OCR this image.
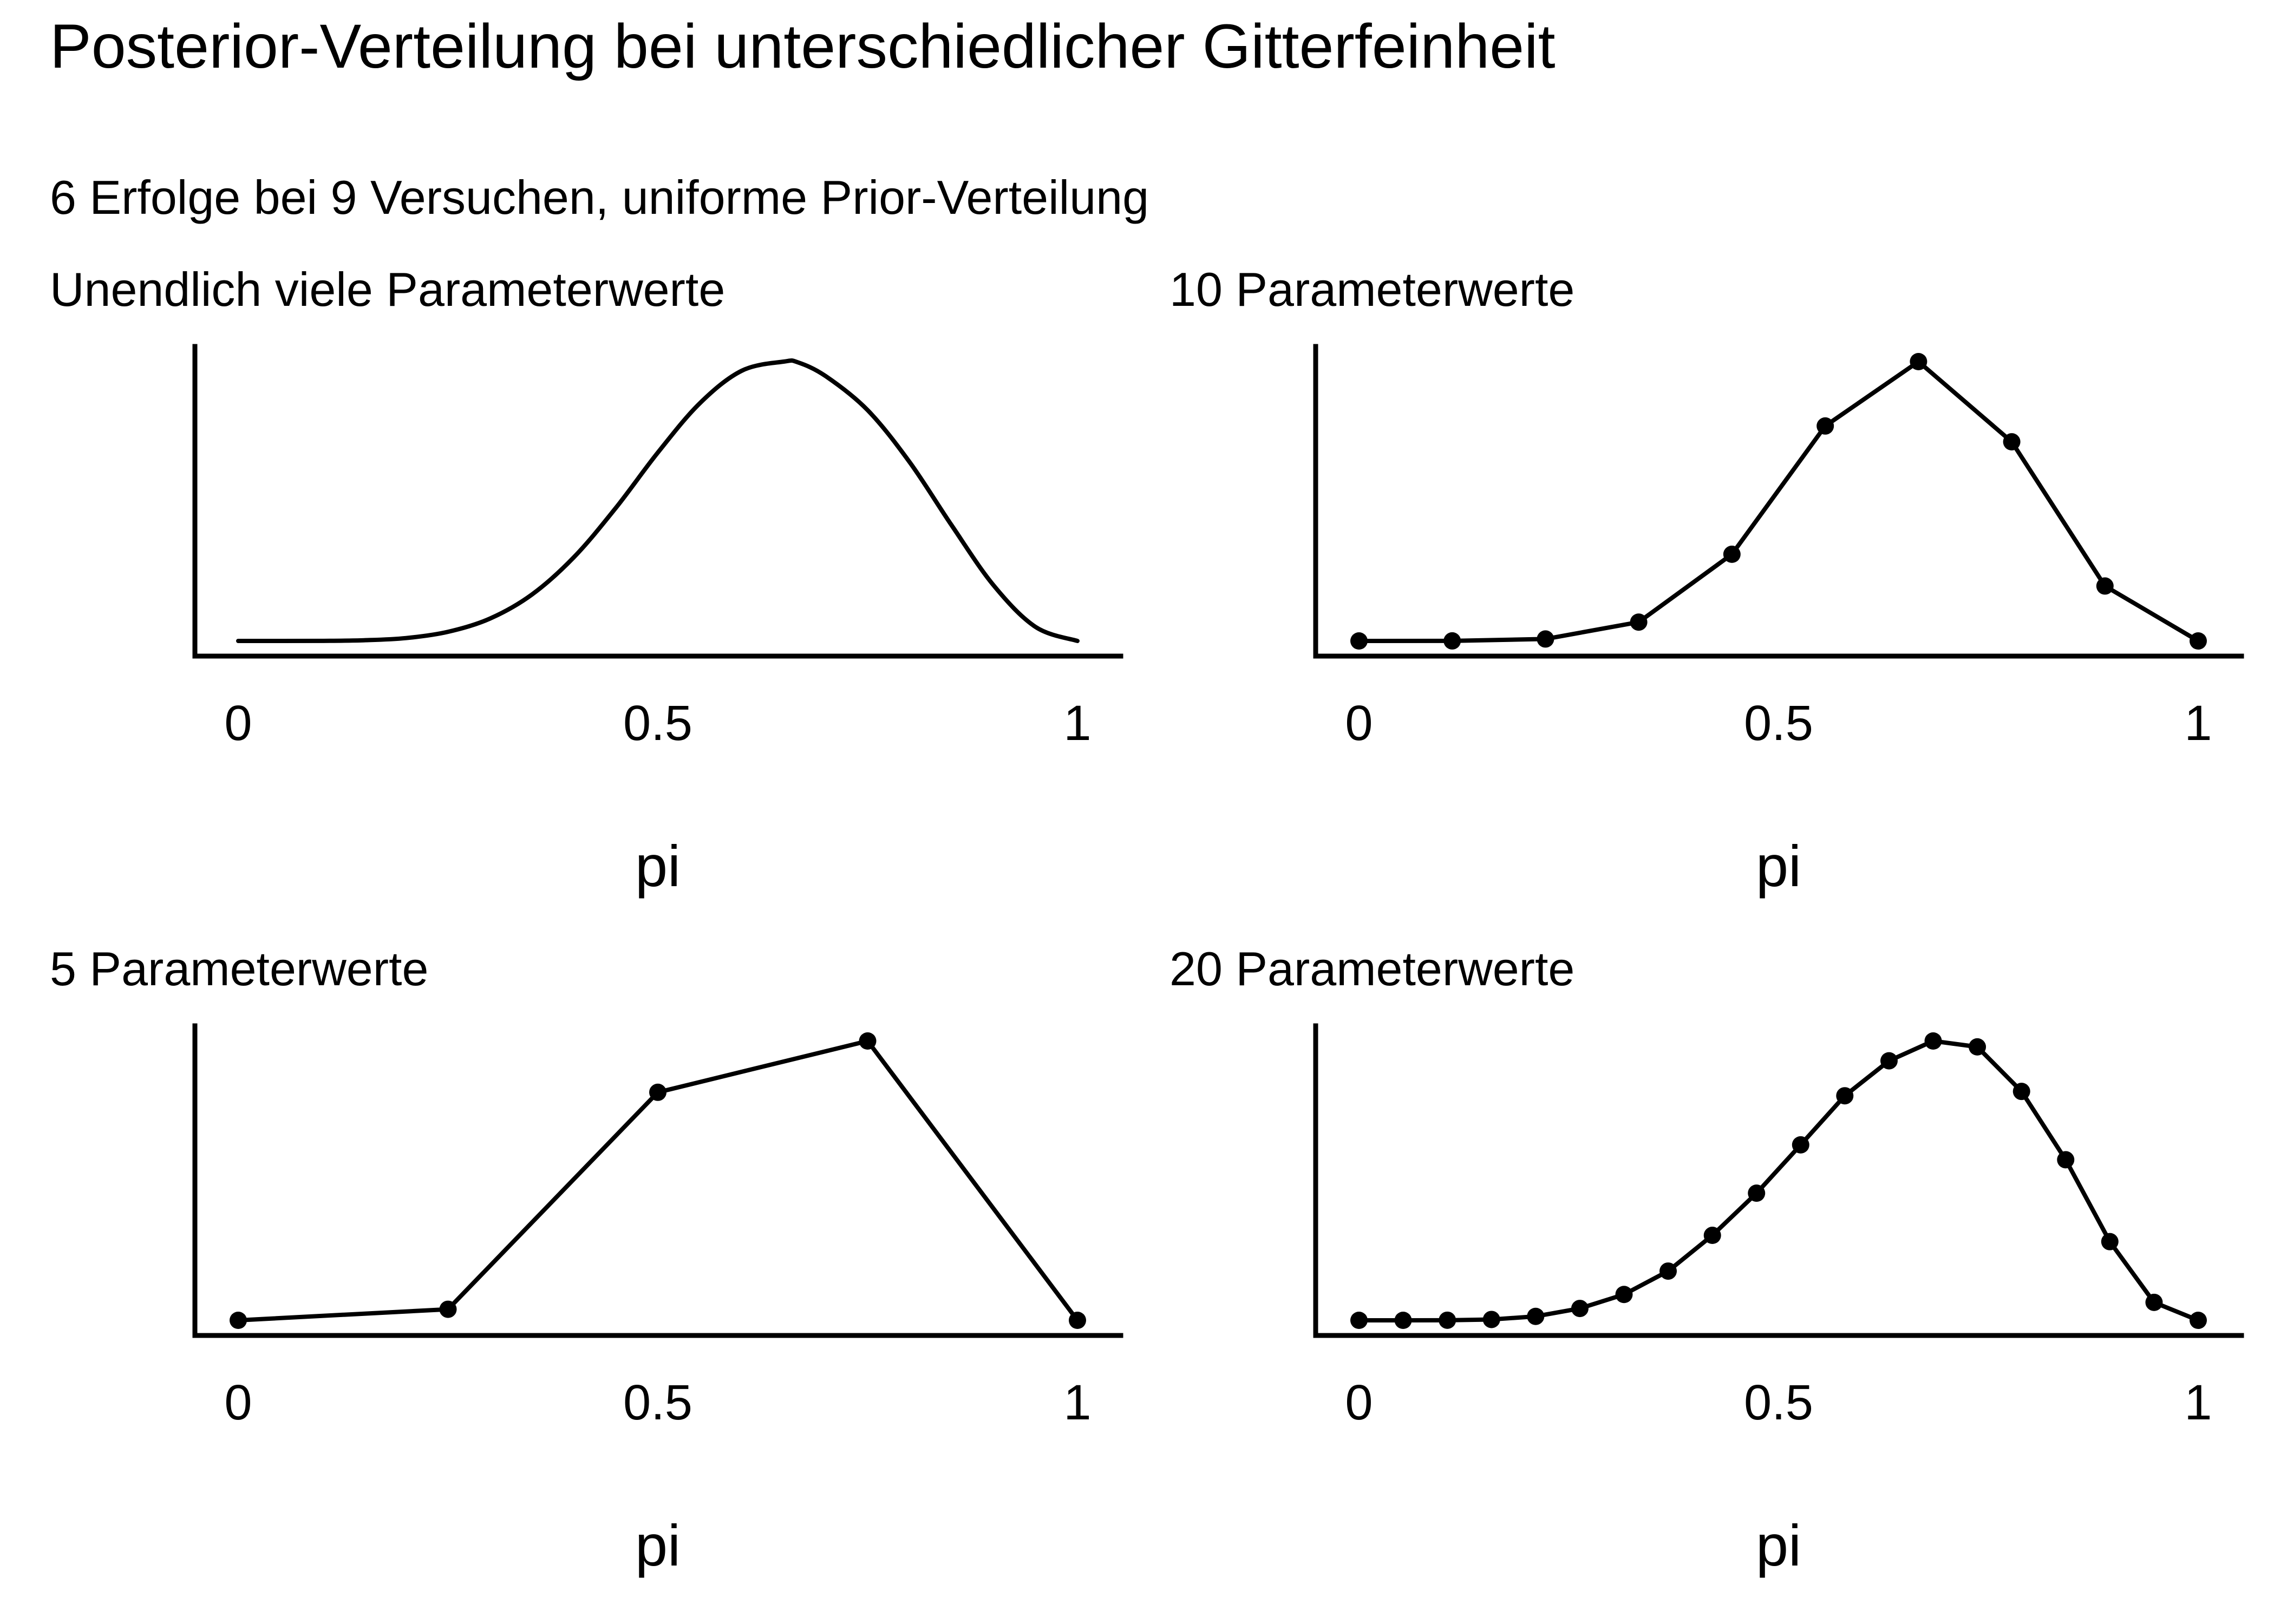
Posterior-Verteilung bei unterschiedlicher Gitterfeinheit
6 Erfolge bei 9 Versuchen, uniforme Prior-Verteilung
Unendlich viele Parameterwerte
0	0.5	1
pi
10 Parameterwerte
0	0.5	1
pi
5 Parameterwerte
0	0.5	1
pi
20 Parameterwerte
0	0.5	1
pi
